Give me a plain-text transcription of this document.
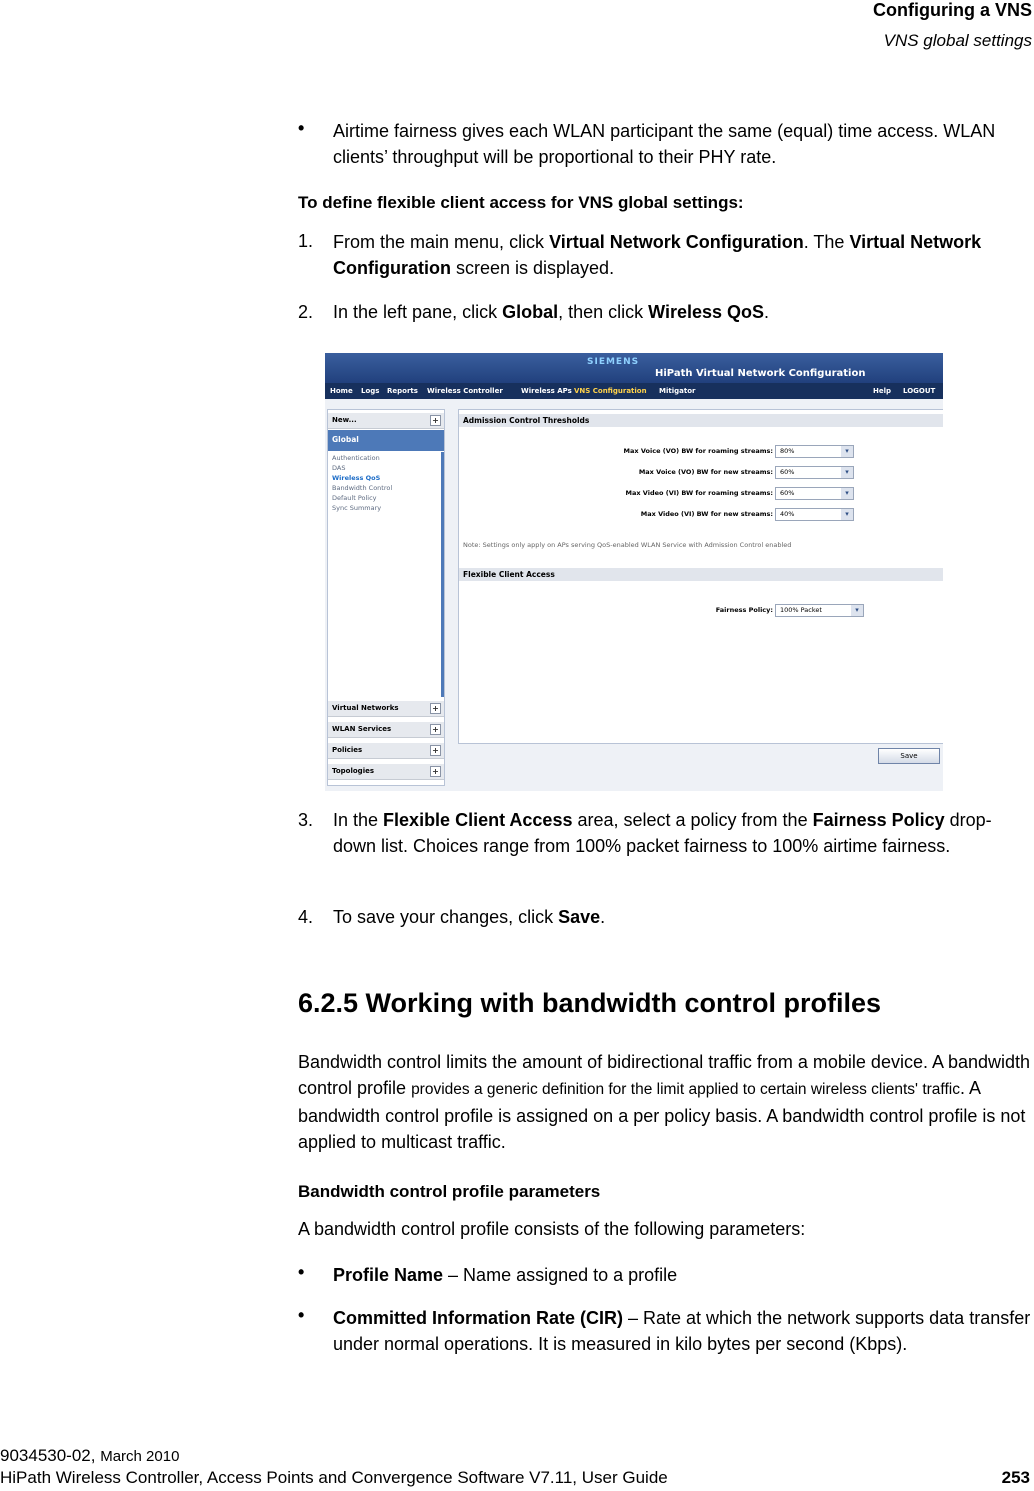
Configuring a VNS
VNS global settings
•	Airtime fairness gives each WLAN participant the same (equal) time access. WLAN clients’ throughput will be proportional to their PHY rate.
To define flexible client access for VNS global settings:
1. From the main menu, click Virtual Network Configuration. The Virtual Network Configuration screen is displayed.
2. In the left pane, click Global, then click Wireless QoS.
SIEMENS
HiPath Virtual Network Configuration
Home Logs Reports Wireless Controller	Wireless APs VNS Configuration Mitigator	Help LOGOUT
New...	+
Global
Authentication
DAS
Wireless QoS
Bandwidth Control
Default Policy
Sync Summary
Virtual Networks	+
WLAN Services	+
Policies	+
Topologies	+
Admission Control Thresholds
Max Voice (VO) BW for roaming streams: 80%	▾
Max Voice (VO) BW for new streams: 60%	▾
Max Video (VI) BW for roaming streams: 60%	▾
Max Video (VI) BW for new streams: 40%	▾
Note: Settings only apply on APs serving QoS-enabled WLAN Service with Admission Control enabled
Flexible Client Access
Fairness Policy: 100% Packet	▾
Save
3. In the Flexible Client Access area, select a policy from the Fairness Policy drop-down list. Choices range from 100% packet fairness to 100% airtime fairness.
4. To save your changes, click Save.
6.2.5 Working with bandwidth control profiles
Bandwidth control limits the amount of bidirectional traffic from a mobile device. A bandwidth control profile provides a generic definition for the limit applied to certain wireless clients' traffic. A bandwidth control profile is assigned on a per policy basis. A bandwidth control profile is not applied to multicast traffic.
Bandwidth control profile parameters
A bandwidth control profile consists of the following parameters:
•	Profile Name – Name assigned to a profile
•	Committed Information Rate (CIR) – Rate at which the network supports data transfer under normal operations. It is measured in kilo bytes per second (Kbps).
9034530-02, March 2010
HiPath Wireless Controller, Access Points and Convergence Software V7.11, User Guide	253
